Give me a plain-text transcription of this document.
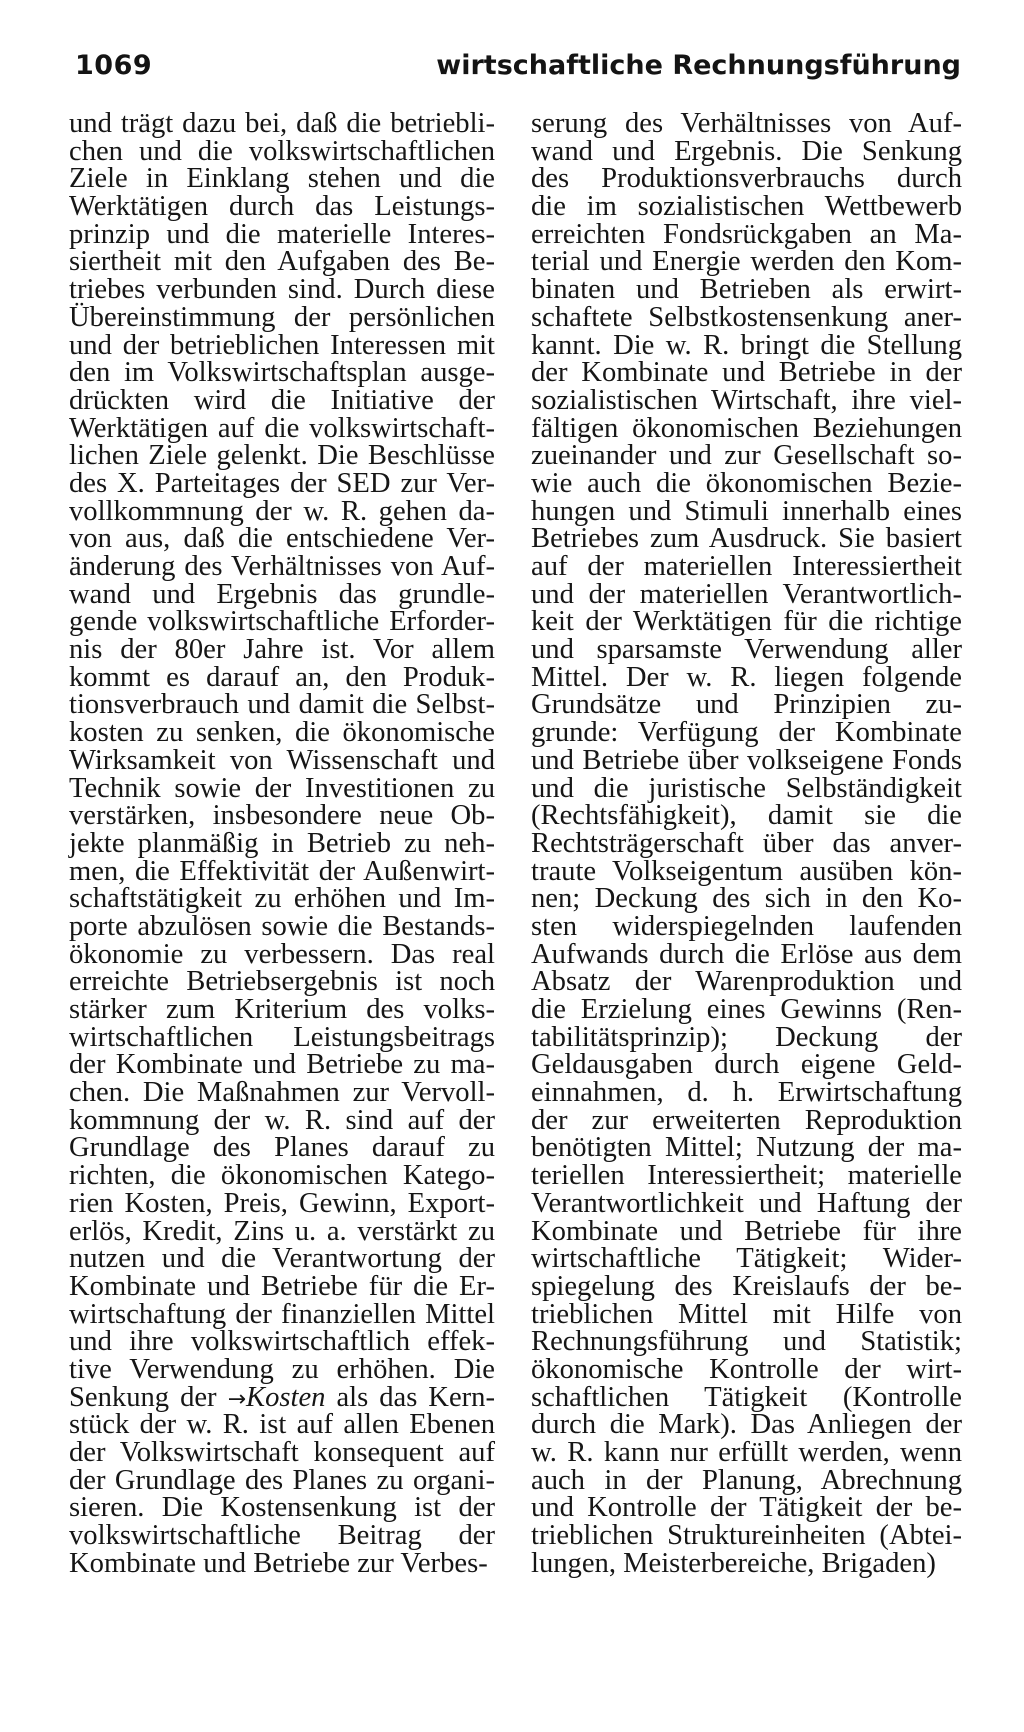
1069	wirtschaftliche Rechnungsführung
und trägt dazu bei, daß die betriebli-
chen und die volkswirtschaftlichen
Ziele in Einklang stehen und die
Werktätigen durch das Leistungs-
prinzip und die materielle Interes-
siertheit mit den Aufgaben des Be-
triebes verbunden sind. Durch diese
Übereinstimmung der persönlichen
und der betrieblichen Interessen mit
den im Volkswirtschaftsplan ausge-
drückten wird die Initiative der
Werktätigen auf die volkswirtschaft-
lichen Ziele gelenkt. Die Beschlüsse
des X. Parteitages der SED zur Ver-
vollkommnung der w. R. gehen da-
von aus, daß die entschiedene Ver-
änderung des Verhältnisses von Auf-
wand und Ergebnis das grundle-
gende volkswirtschaftliche Erforder-
nis der 80er Jahre ist. Vor allem
kommt es darauf an, den Produk-
tionsverbrauch und damit die Selbst-
kosten zu senken, die ökonomische
Wirksamkeit von Wissenschaft und
Technik sowie der Investitionen zu
verstärken, insbesondere neue Ob-
jekte planmäßig in Betrieb zu neh-
men, die Effektivität der Außenwirt-
schaftstätigkeit zu erhöhen und Im-
porte abzulösen sowie die Bestands-
ökonomie zu verbessern. Das real
erreichte Betriebsergebnis ist noch
stärker zum Kriterium des volks-
wirtschaftlichen Leistungsbeitrags
der Kombinate und Betriebe zu ma-
chen. Die Maßnahmen zur Vervoll-
kommnung der w. R. sind auf der
Grundlage des Planes darauf zu
richten, die ökonomischen Katego-
rien Kosten, Preis, Gewinn, Export-
erlös, Kredit, Zins u. a. verstärkt zu
nutzen und die Verantwortung der
Kombinate und Betriebe für die Er-
wirtschaftung der finanziellen Mittel
und ihre volkswirtschaftlich effek-
tive Verwendung zu erhöhen. Die
Senkung der →Kosten als das Kern-
stück der w. R. ist auf allen Ebenen
der Volkswirtschaft konsequent auf
der Grundlage des Planes zu organi-
sieren. Die Kostensenkung ist der
volkswirtschaftliche Beitrag der
Kombinate und Betriebe zur Verbes-
serung des Verhältnisses von Auf-
wand und Ergebnis. Die Senkung
des Produktionsverbrauchs durch
die im sozialistischen Wettbewerb
erreichten Fondsrückgaben an Ma-
terial und Energie werden den Kom-
binaten und Betrieben als erwirt-
schaftete Selbstkostensenkung aner-
kannt. Die w. R. bringt die Stellung
der Kombinate und Betriebe in der
sozialistischen Wirtschaft, ihre viel-
fältigen ökonomischen Beziehungen
zueinander und zur Gesellschaft so-
wie auch die ökonomischen Bezie-
hungen und Stimuli innerhalb eines
Betriebes zum Ausdruck. Sie basiert
auf der materiellen Interessiertheit
und der materiellen Verantwortlich-
keit der Werktätigen für die richtige
und sparsamste Verwendung aller
Mittel. Der w. R. liegen folgende
Grundsätze und Prinzipien zu-
grunde: Verfügung der Kombinate
und Betriebe über volkseigene Fonds
und die juristische Selbständigkeit
(Rechtsfähigkeit), damit sie die
Rechtsträgerschaft über das anver-
traute Volkseigentum ausüben kön-
nen; Deckung des sich in den Ko-
sten widerspiegelnden laufenden
Aufwands durch die Erlöse aus dem
Absatz der Warenproduktion und
die Erzielung eines Gewinns (Ren-
tabilitätsprinzip); Deckung der
Geldausgaben durch eigene Geld-
einnahmen, d. h. Erwirtschaftung
der zur erweiterten Reproduktion
benötigten Mittel; Nutzung der ma-
teriellen Interessiertheit; materielle
Verantwortlichkeit und Haftung der
Kombinate und Betriebe für ihre
wirtschaftliche Tätigkeit; Wider-
spiegelung des Kreislaufs der be-
trieblichen Mittel mit Hilfe von
Rechnungsführung und Statistik;
ökonomische Kontrolle der wirt-
schaftlichen Tätigkeit (Kontrolle
durch die Mark). Das Anliegen der
w. R. kann nur erfüllt werden, wenn
auch in der Planung, Abrechnung
und Kontrolle der Tätigkeit der be-
trieblichen Struktureinheiten (Abtei-
lungen, Meisterbereiche, Brigaden)
